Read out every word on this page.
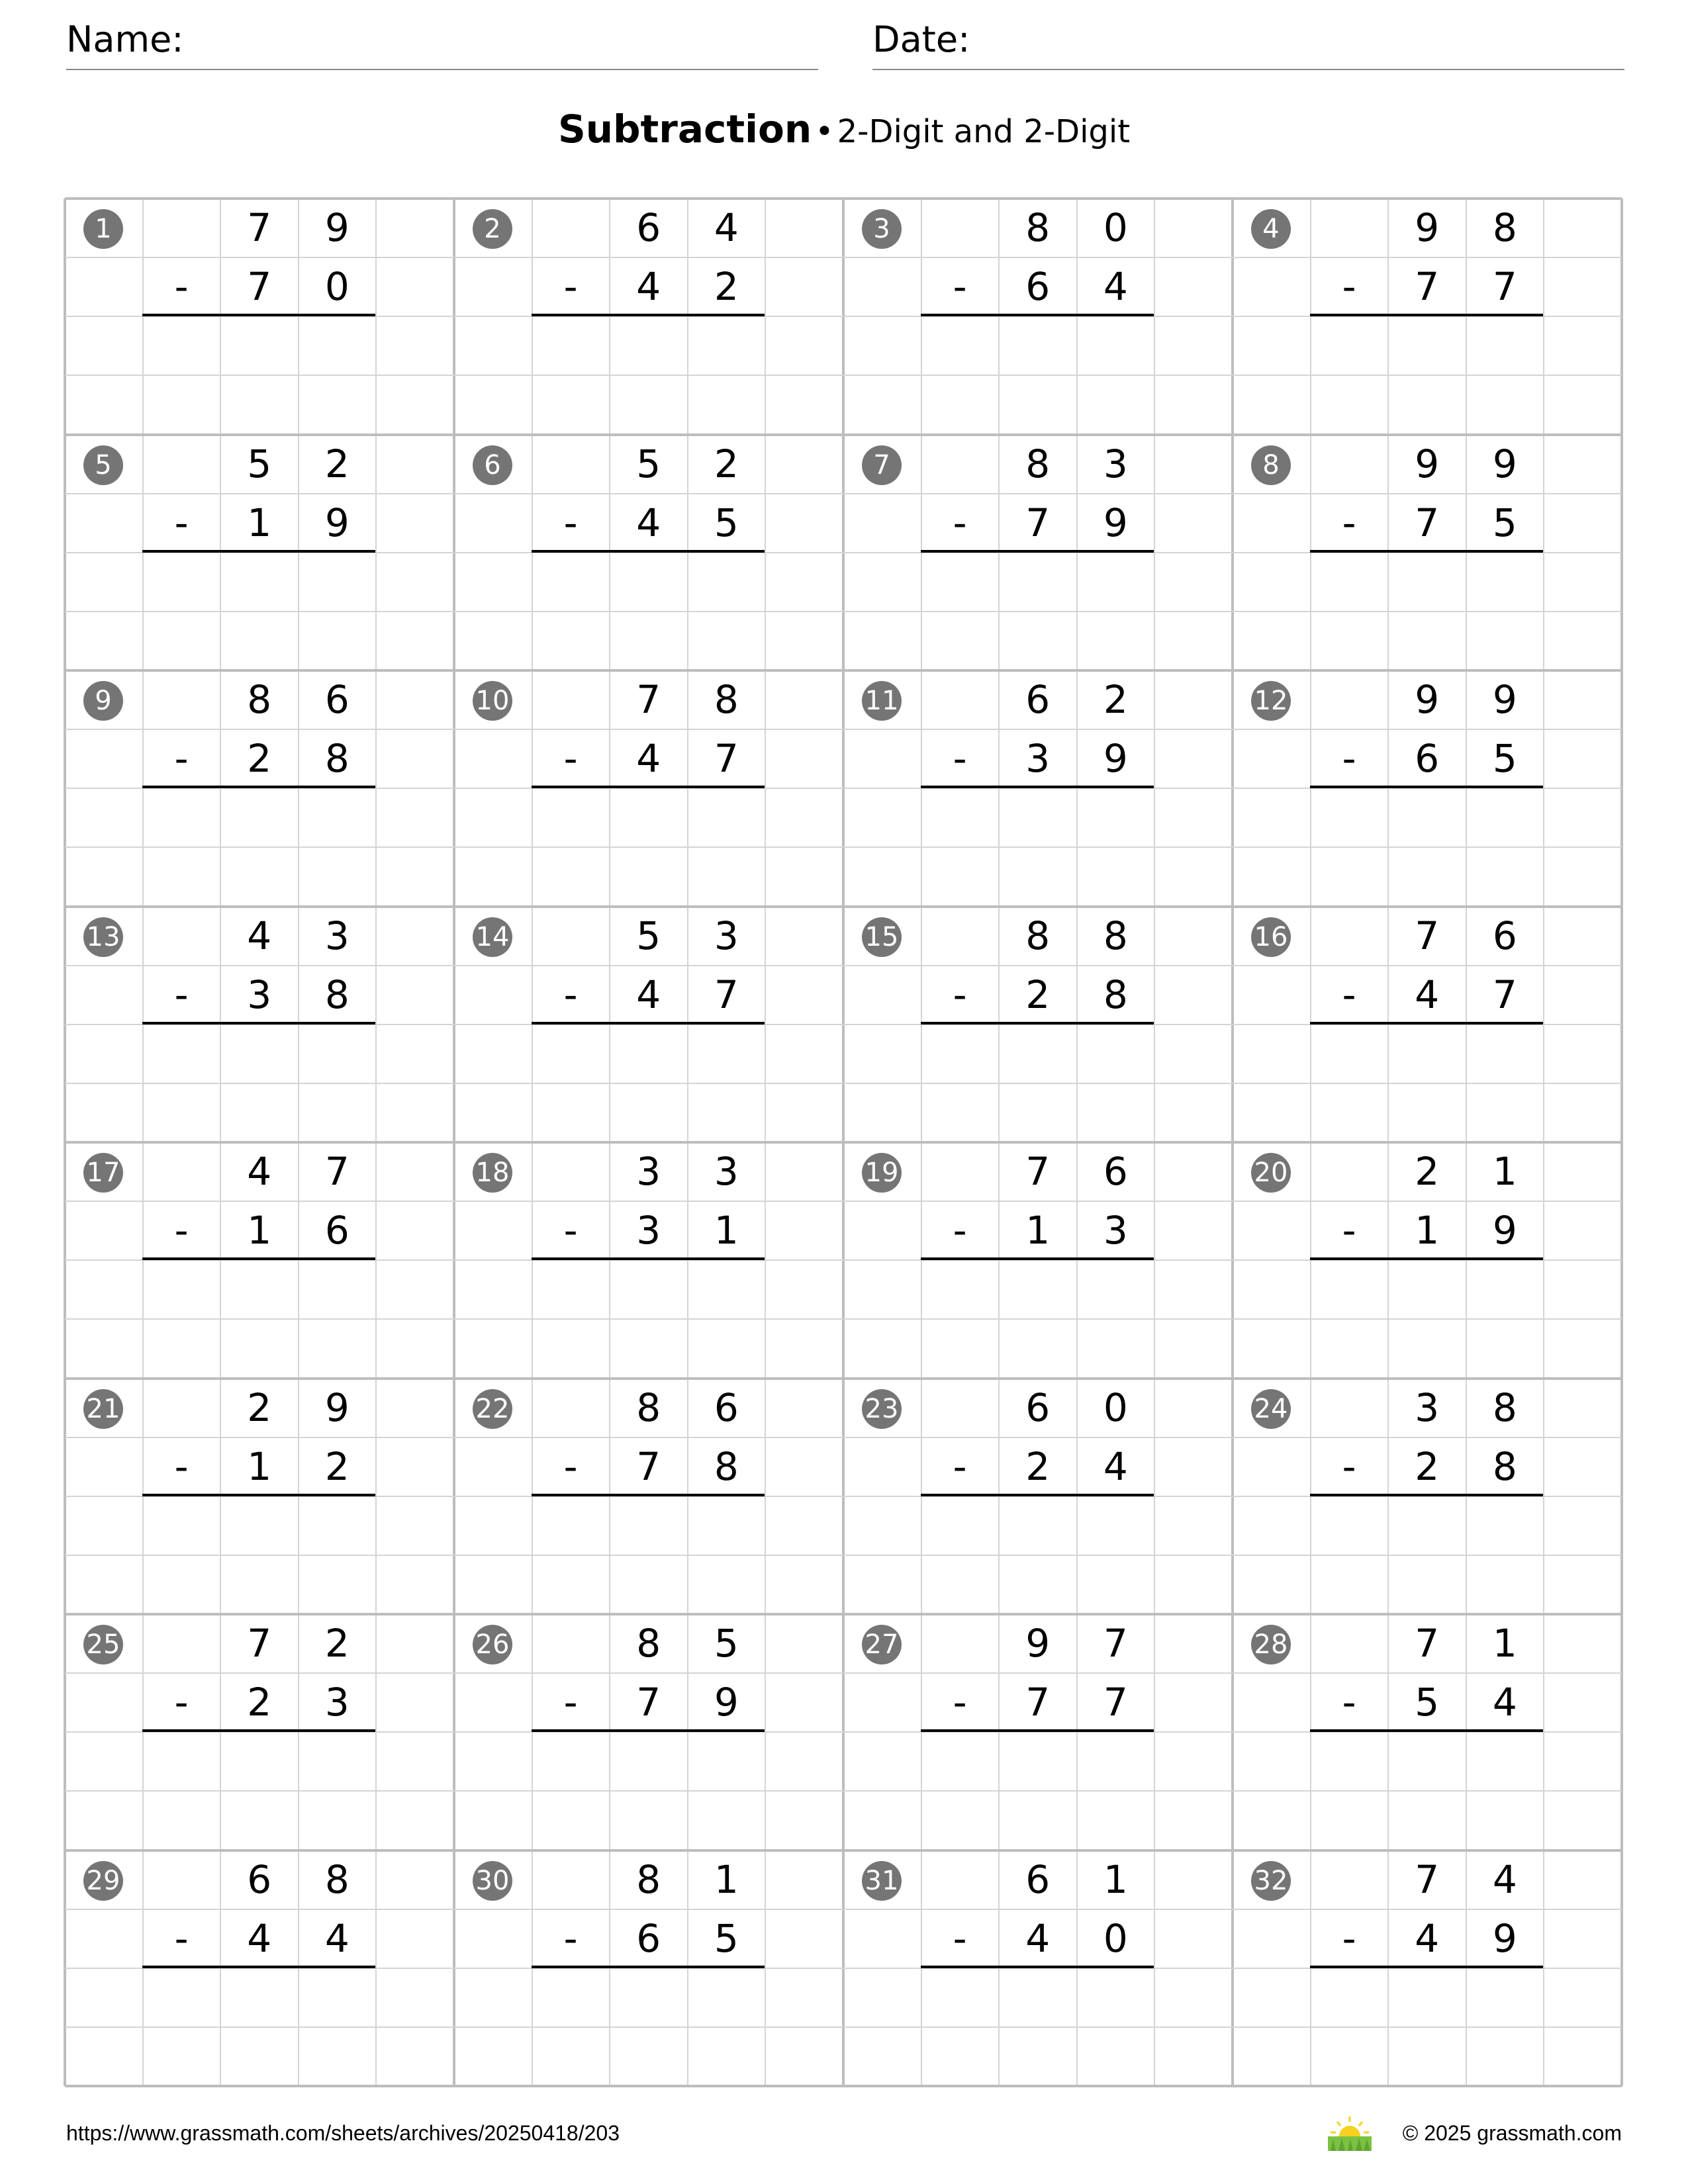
Name:	Date:
Subtraction • 2-Digit and 2-Digit
1	7	9
-	7	0
2	6	4
-	4	2
3	8	0
-	6	4
4	9	8
-	7	7
5	5	2
-	1	9
6	5	2
-	4	5
7	8	3
-	7	9
8	9	9
-	7	5
9	8	6
-	2	8
10	7	8
-	4	7
11	6	2
-	3	9
12	9	9
-	6	5
13	4	3
-	3	8
14	5	3
-	4	7
15	8	8
-	2	8
16	7	6
-	4	7
17	4	7
-	1	6
18	3	3
-	3	1
19	7	6
-	1	3
20	2	1
-	1	9
21	2	9
-	1	2
22	8	6
-	7	8
23	6	0
-	2	4
24	3	8
-	2	8
25	7	2
-	2	3
26	8	5
-	7	9
27	9	7
-	7	7
28	7	1
-	5	4
29	6	8
-	4	4
30	8	1
-	6	5
31	6	1
-	4	0
32	7	4
-	4	9
https://www.grassmath.com/sheets/archives/20250418/203	© 2025 grassmath.com
